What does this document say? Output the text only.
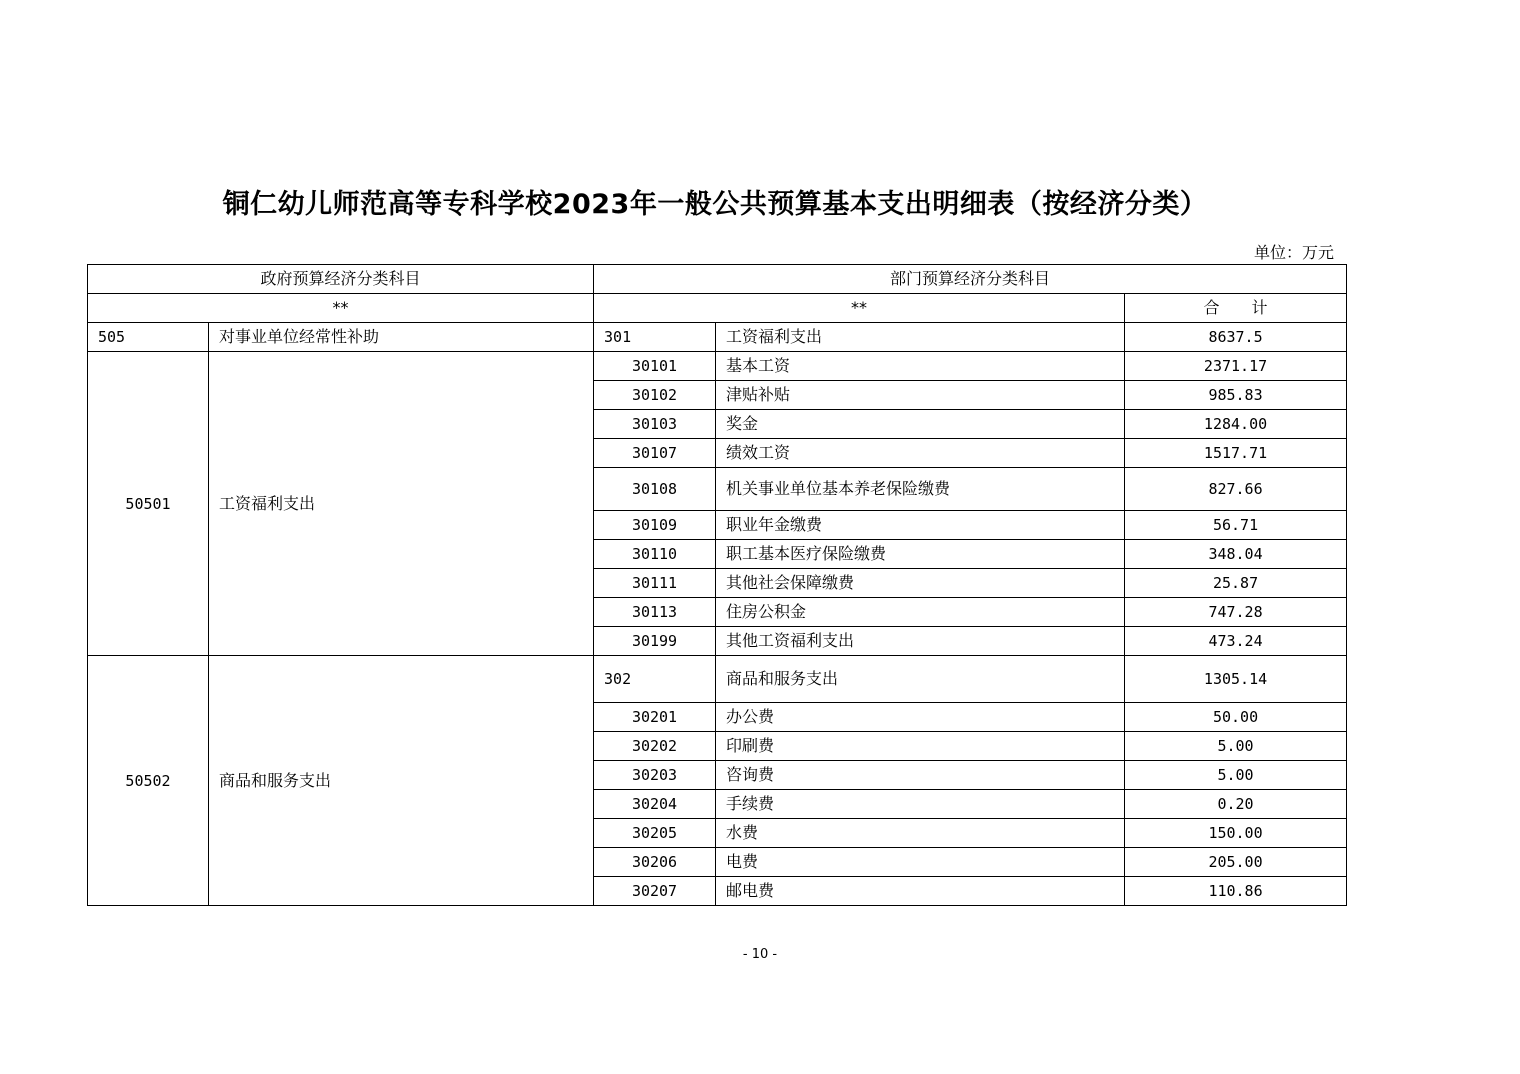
铜仁幼儿师范高等专科学校2023年一般公共预算基本支出明细表（按经济分类）
单位：万元
政府预算经济分类科目		部门预算经济分类科目		
**		**		合　　计
505	对事业单位经常性补助	301	工资福利支出	8637.5
50501	工资福利支出	30101	基本工资	2371.17
		30102	津贴补贴	985.83
		30103	奖金	1284.00
		30107	绩效工资	1517.71
		30108	机关事业单位基本养老保险缴费	827.66
		30109	职业年金缴费	56.71
		30110	职工基本医疗保险缴费	348.04
		30111	其他社会保障缴费	25.87
		30113	住房公积金	747.28
		30199	其他工资福利支出	473.24
50502	商品和服务支出	302	商品和服务支出	1305.14
		30201	办公费	50.00
		30202	印刷费	5.00
		30203	咨询费	5.00
		30204	手续费	0.20
		30205	水费	150.00
		30206	电费	205.00
		30207	邮电费	110.86
- 10 -
